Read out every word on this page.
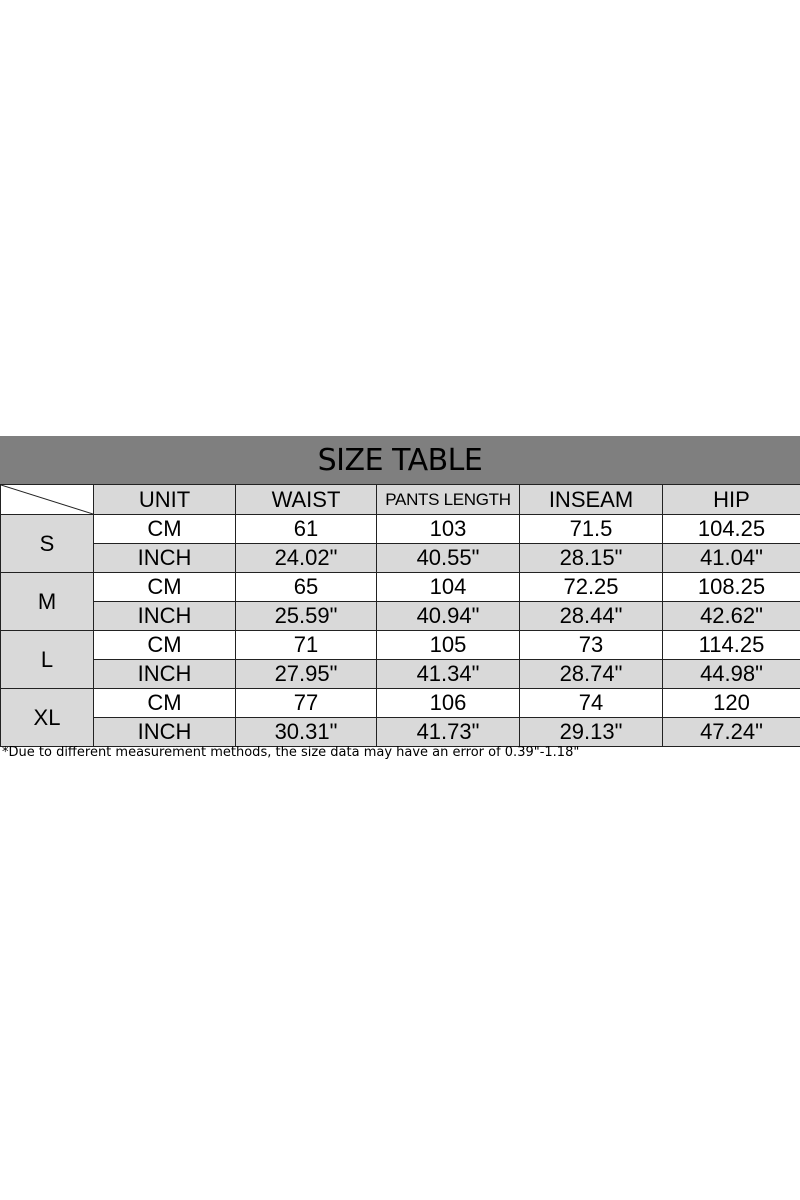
SIZE TABLE
	UNIT	WAIST	PANTS LENGTH	INSEAM	HIP
S	CM	61	103	71.5	104.25
	INCH	24.02"	40.55"	28.15"	41.04"
M	CM	65	104	72.25	108.25
	INCH	25.59"	40.94"	28.44"	42.62"
L	CM	71	105	73	114.25
	INCH	27.95"	41.34"	28.74"	44.98"
XL	CM	77	106	74	120
	INCH	30.31"	41.73"	29.13"	47.24"
*Due to different measurement methods, the size data may have an error of 0.39"-1.18"
